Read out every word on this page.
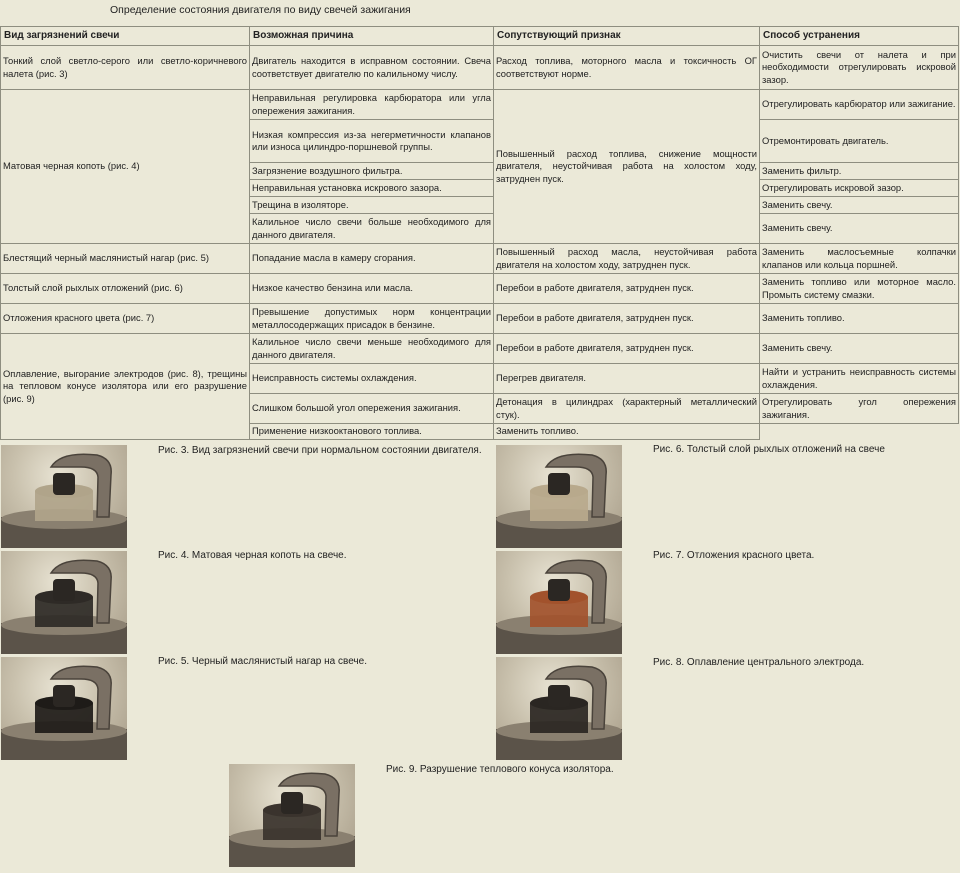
Определение состояния двигателя по виду свечей зажигания
Вид загрязнений свечи	Возможная причина	Сопутствующий признак	Способ устранения
Тонкий слой светло-серого или светло-коричневого налета (рис. 3)	Двигатель находится в исправном состоянии. Свеча соответствует двигателю по калильному числу.	Расход топлива, моторного масла и токсичность ОГ соответствуют норме.	Очистить свечи от налета и при необходимости отрегулировать искровой зазор.
Матовая черная копоть (рис. 4)	Неправильная регулировка карбюратора или угла опережения зажигания.	Повышенный расход топлива, снижение мощности двигателя, неустойчивая работа на холостом ходу, затруднен пуск.	Отрегулировать карбюратор или зажигание.
	Низкая компрессия из-за негерметичности клапанов или износа цилиндро-поршневой группы.		Отремонтировать двигатель.
	Загрязнение воздушного фильтра.		Заменить фильтр.
	Неправильная установка искрового зазора.		Отрегулировать искровой зазор.
	Трещина в изоляторе.		Заменить свечу.
	Калильное число свечи больше необходимого для данного двигателя.		Заменить свечу.
Блестящий черный маслянистый нагар (рис. 5)	Попадание масла в камеру сгорания.	Повышенный расход масла, неустойчивая работа двигателя на холостом ходу, затруднен пуск.	Заменить маслосъемные колпачки клапанов или кольца поршней.
Толстый слой рыхлых отложений (рис. 6)	Низкое качество бензина или масла.	Перебои в работе двигателя, затруднен пуск.	Заменить топливо или моторное масло. Промыть систему смазки.
Отложения красного цвета (рис. 7)	Превышение допустимых норм концентрации металлосодержащих присадок в бензине.	Перебои в работе двигателя, затруднен пуск.	Заменить топливо.
Оплавление, выгорание электродов (рис. 8), трещины на тепловом конусе изолятора или его разрушение (рис. 9)	Калильное число свечи меньше необходимого для данного двигателя.	Перебои в работе двигателя, затруднен пуск.	Заменить свечу.
	Неисправность системы охлаждения.	Перегрев двигателя.	Найти и устранить неисправность системы охлаждения.
	Слишком большой угол опережения зажигания.	Детонация в цилиндрах (характерный металлический стук).	Отрегулировать угол опережения зажигания.
	Применение низкооктанового топлива.	Заменить топливо.	
Рис. 3. Вид загрязнений свечи при нормальном состоянии двигателя.
Рис. 4. Матовая черная копоть на свече.
Рис. 5. Черный маслянистый нагар на свече.
Рис. 6. Толстый слой рыхлых отложений на свече
Рис. 7. Отложения красного цвета.
Рис. 8. Оплавление центрального электрода.
Рис. 9. Разрушение теплового конуса изолятора.
